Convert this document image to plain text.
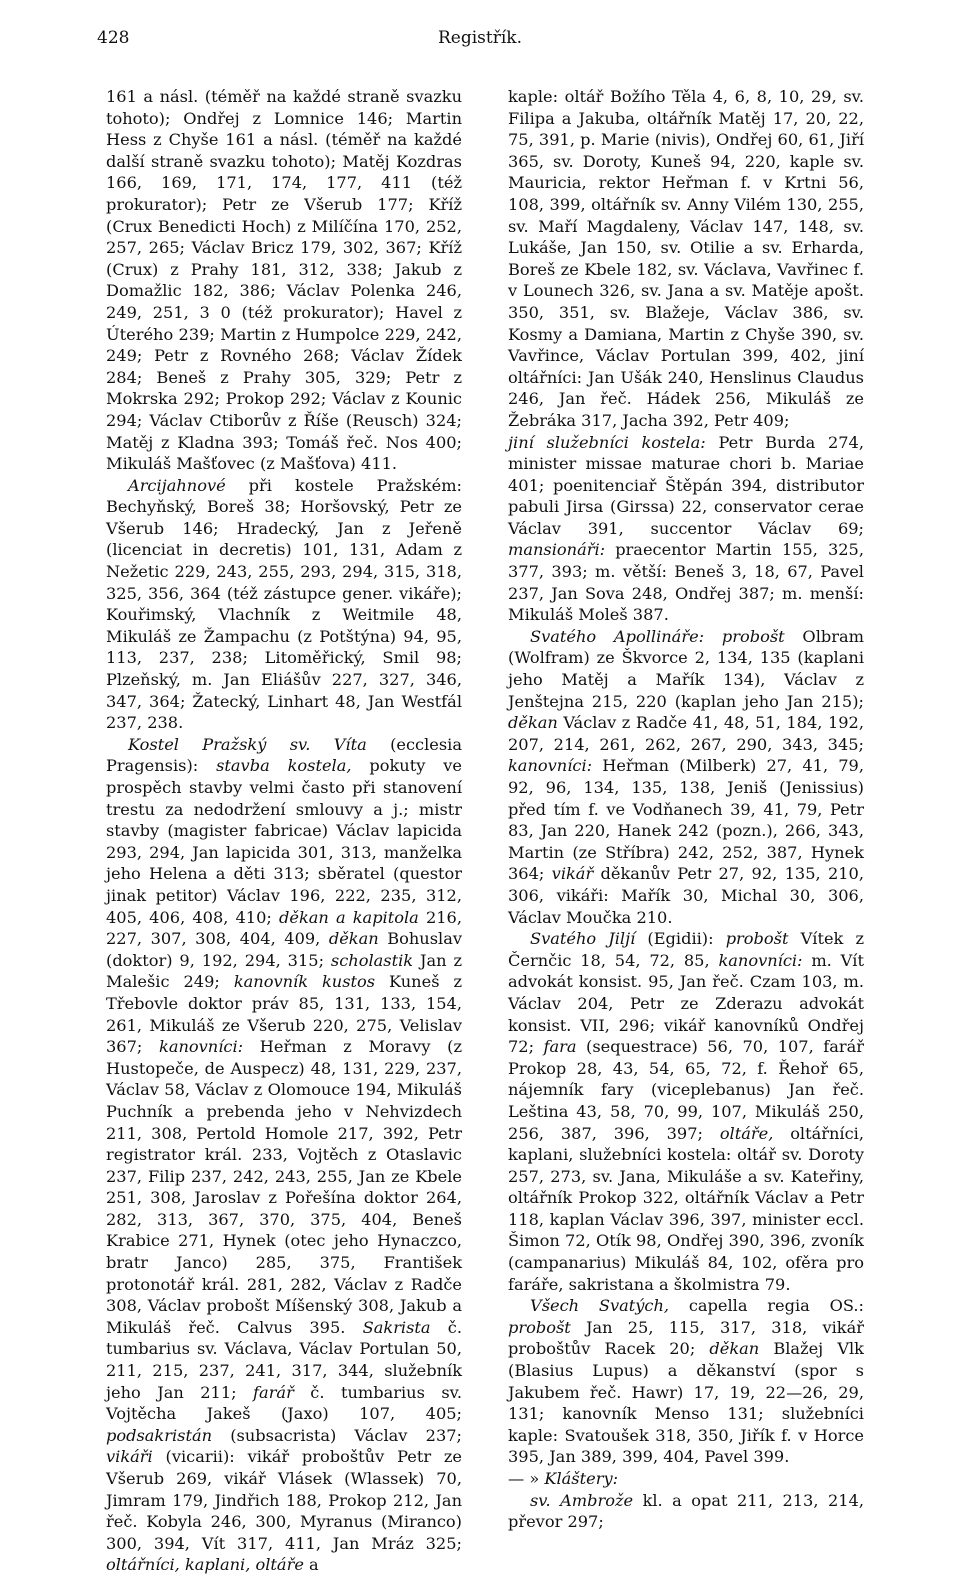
428	Registřík.

161 a násl. (téměř na každé straně svazku tohoto); Ondřej z Lomnice 146; Martin Hess z Chyše 161 a násl. (téměř na každé další straně svazku tohoto); Matěj Kozdras 166, 169, 171, 174, 177, 411 (též prokurator); Petr ze Všerub 177; Kříž (Crux Benedicti Hoch) z Milíčína 170, 252, 257, 265; Václav Bricz 179, 302, 367; Kříž (Crux) z Prahy 181, 312, 338; Jakub z Domažlic 182, 386; Václav Polenka 246, 249, 251, 3 0 (též prokurator); Havel z Úterého 239; Martin z Humpolce 229, 242, 249; Petr z Rovného 268; Václav Žídek 284; Beneš z Prahy 305, 329; Petr z Mokrska 292; Prokop 292; Václav z Kounic 294; Václav Ctiborův z Říše (Reusch) 324; Matěj z Kladna 393; Tomáš řeč. Nos 400; Mikuláš Mašťovec (z Mašťova) 411.

Arcijahnové při kostele Pražském: Bechyňský, Boreš 38; Horšovský, Petr ze Všerub 146; Hradecký, Jan z Jeřeně (licenciat in decretis) 101, 131, Adam z Nežetic 229, 243, 255, 293, 294, 315, 318, 325, 356, 364 (též zástupce gener. vikáře); Kouřimský, Vlachník z Weitmile 48, Mikuláš ze Žampachu (z Potštýna) 94, 95, 113, 237, 238; Litoměřický, Smil 98; Plzeňský, m. Jan Eliášův 227, 327, 346, 347, 364; Žatecký, Linhart 48, Jan Westfál 237, 238.

Kostel Pražský sv. Víta (ecclesia Pragensis): stavba kostela, pokuty ve prospěch stavby velmi často při stanovení trestu za nedodržení smlouvy a j.; mistr stavby (magister fabricae) Václav lapicida 293, 294, Jan lapicida 301, 313, manželka jeho Helena a děti 313; sběratel (questor jinak petitor) Václav 196, 222, 235, 312, 405, 406, 408, 410; děkan a kapitola 216, 227, 307, 308, 404, 409, děkan Bohuslav (doktor) 9, 192, 294, 315; scholastik Jan z Malešic 249; kanovník kustos Kuneš z Třebovle doktor práv 85, 131, 133, 154, 261, Mikuláš ze Všerub 220, 275, Velislav 367; kanovníci: Heřman z Moravy (z Hustopeče, de Auspecz) 48, 131, 229, 237, Václav 58, Václav z Olomouce 194, Mikuláš Puchník a prebenda jeho v Nehvizdech 211, 308, Pertold Homole 217, 392, Petr registrator král. 233, Vojtěch z Otaslavic 237, Filip 237, 242, 243, 255, Jan ze Kbele 251, 308, Jaroslav z Pořešína doktor 264, 282, 313, 367, 370, 375, 404, Beneš Krabice 271, Hynek (otec jeho Hynaczco, bratr Janco) 285, 375, František protonotář král. 281, 282, Václav z Radče 308, Václav probošt Míšenský 308, Jakub a Mikuláš řeč. Calvus 395. Sakrista č. tumbarius sv. Václava, Václav Portulan 50, 211, 215, 237, 241, 317, 344, služebník jeho Jan 211; farář č. tumbarius sv. Vojtěcha Jakeš (Jaxo) 107, 405; podsakristán (subsacrista) Václav 237; vikáři (vicarii): vikář proboštův Petr ze Všerub 269, vikář Vlásek (Wlassek) 70, Jimram 179, Jindřich 188, Prokop 212, Jan řeč. Kobyla 246, 300, Myranus (Miranco) 300, 394, Vít 317, 411, Jan Mráz 325; oltářníci, kaplani, oltáře a

kaple: oltář Božího Těla 4, 6, 8, 10, 29, sv. Filipa a Jakuba, oltářník Matěj 17, 20, 22, 75, 391, p. Marie (nivis), Ondřej 60, 61, Jiří 365, sv. Doroty, Kuneš 94, 220, kaple sv. Mauricia, rektor Heřman f. v Krtni 56, 108, 399, oltářník sv. Anny Vilém 130, 255, sv. Maří Magdaleny, Václav 147, 148, sv. Lukáše, Jan 150, sv. Otilie a sv. Erharda, Boreš ze Kbele 182, sv. Václava, Vavřinec f. v Lounech 326, sv. Jana a sv. Matěje apošt. 350, 351, sv. Blažeje, Václav 386, sv. Kosmy a Damiana, Martin z Chyše 390, sv. Vavřince, Václav Portulan 399, 402, jiní oltářníci: Jan Ušák 240, Henslinus Claudus 246, Jan řeč. Hádek 256, Mikuláš ze Žebráka 317, Jacha 392, Petr 409;

jiní služebníci kostela: Petr Burda 274, minister missae maturae chori b. Mariae 401; poenitenciař Štěpán 394, distributor pabuli Jirsa (Girssa) 22, conservator cerae Václav 391, succentor Václav 69; mansionáři: praecentor Martin 155, 325, 377, 393; m. větší: Beneš 3, 18, 67, Pavel 237, Jan Sova 248, Ondřej 387; m. menší: Mikuláš Moleš 387.

Svatého Apollináře: probošt Olbram (Wolfram) ze Škvorce 2, 134, 135 (kaplani jeho Matěj a Mařík 134), Václav z Jenštejna 215, 220 (kaplan jeho Jan 215); děkan Václav z Radče 41, 48, 51, 184, 192, 207, 214, 261, 262, 267, 290, 343, 345; kanovníci: Heřman (Milberk) 27, 41, 79, 92, 96, 134, 135, 138, Jeniš (Jenissius) před tím f. ve Vodňanech 39, 41, 79, Petr 83, Jan 220, Hanek 242 (pozn.), 266, 343, Martin (ze Stříbra) 242, 252, 387, Hynek 364; vikář děkanův Petr 27, 92, 135, 210, 306, vikáři: Mařík 30, Michal 30, 306, Václav Moučka 210.

Svatého Jiljí (Egidii): probošt Vítek z Černčic 18, 54, 72, 85, kanovníci: m. Vít advokát konsist. 95, Jan řeč. Czam 103, m. Václav 204, Petr ze Zderazu advokát konsist. VII, 296; vikář kanovníků Ondřej 72; fara (sequestrace) 56, 70, 107, farář Prokop 28, 43, 54, 65, 72, f. Řehoř 65, nájemník fary (viceplebanus) Jan řeč. Leština 43, 58, 70, 99, 107, Mikuláš 250, 256, 387, 396, 397; oltáře, oltářníci, kaplani, služebníci kostela: oltář sv. Doroty 257, 273, sv. Jana, Mikuláše a sv. Kateřiny, oltářník Prokop 322, oltářník Václav a Petr 118, kaplan Václav 396, 397, minister eccl. Šimon 72, Otík 98, Ondřej 390, 396, zvoník (campanarius) Mikuláš 84, 102, ofěra pro faráře, sakristana a školmistra 79.

Všech Svatých, capella regia OS.: probošt Jan 25, 115, 317, 318, vikář proboštův Racek 20; děkan Blažej Vlk (Blasius Lupus) a děkanství (spor s Jakubem řeč. Hawr) 17, 19, 22—26, 29, 131; kanovník Menso 131; služebníci kaple: Svatoušek 318, 350, Jiřík f. v Horce 395, Jan 389, 399, 404, Pavel 399.

— » Kláštery:

sv. Ambrože kl. a opat 211, 213, 214, převor 297;
